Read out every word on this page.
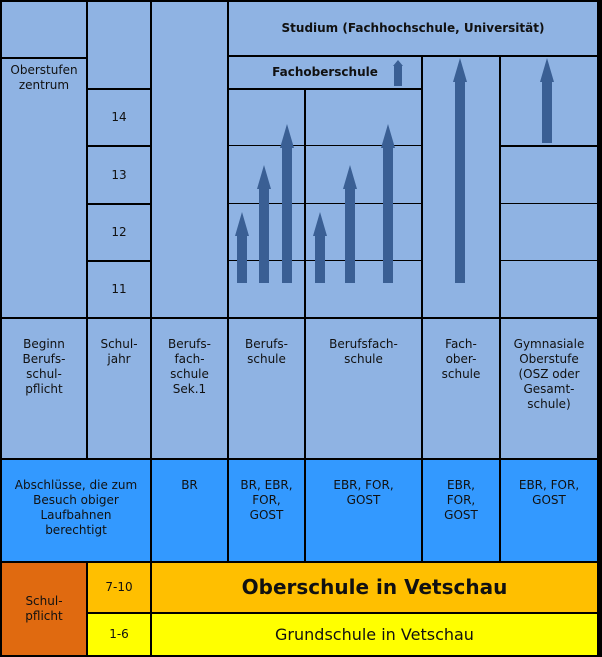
Oberstufen
zentrum
14
13
12
11
Studium (Fachhochschule, Universität)
Fachoberschule
Beginn
Berufs-
schul-
pflicht
Schul-
jahr
Berufs-
fach-
schule
Sek.1
Berufs-
schule
Berufsfach-
schule
Fach-
ober-
schule
Gymnasiale
Oberstufe
(OSZ oder
Gesamt-
schule)
Abschlüsse, die zum
Besuch obiger
Laufbahnen
berechtigt
BR	BR, EBR,
FOR,
GOST
EBR, FOR,
GOST
EBR,
FOR,
GOST
EBR, FOR,
GOST
Schul-
pflicht
7-10
1-6
Oberschule in Vetschau
Grundschule in Vetschau
